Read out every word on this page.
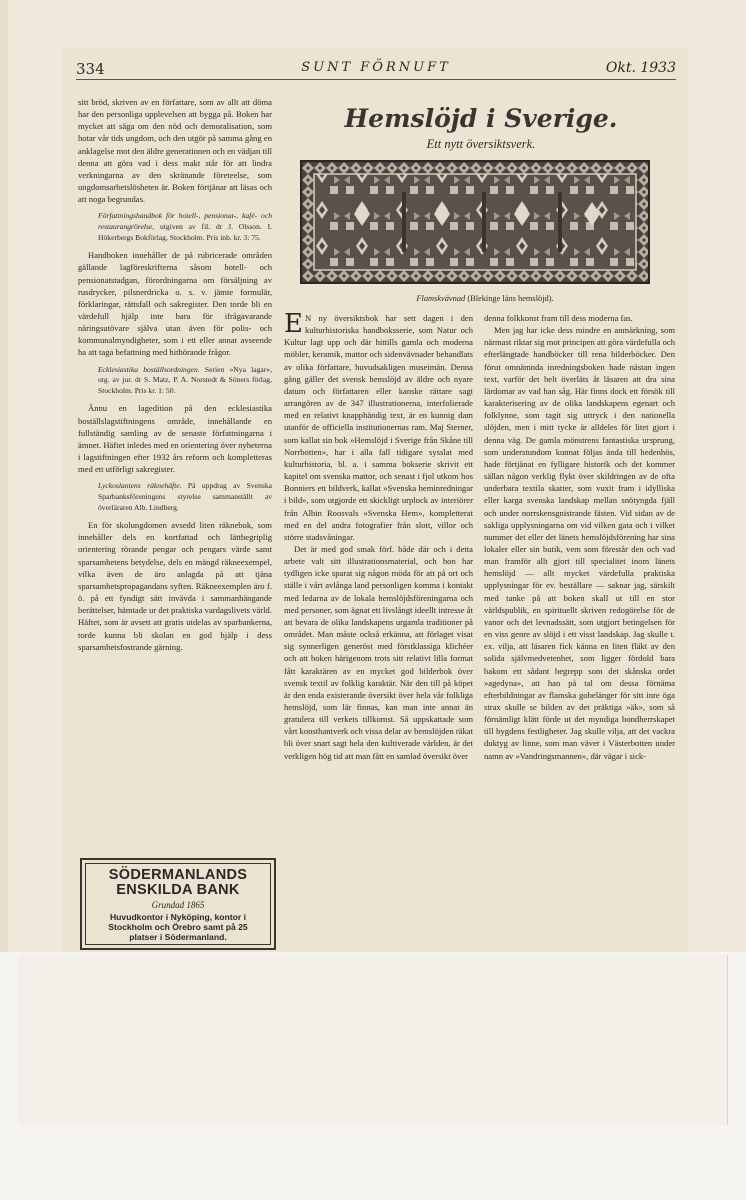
334	SUNT FÖRNUFT	Okt. 1933

sitt bröd, skriven av en författare, som av allt att döma har den personliga upplevelsen att bygga på. Boken har mycket att säga om den nöd och demoralisation, som hotar vår tids ungdom, och den utgör på samma gång en anklagelse mot den äldre generationen och en vädjan till denna att göra vad i dess makt står för att lindra verkningarna av den skränande företeelse, som ungdomsarbetslösheten är. Boken förtjänar att läsas och att noga begrundas.

Författningshandbok för hotell-, pensionat-, kafé- och restaurangrörelse, utgiven av fil. dr J. Olsson. I. Hökerbergs Bokförlag, Stockholm. Pris inb. kr. 3: 75.

Handboken innehåller de på rubricerade områden gällande lagföreskrifterna såsom hotell- och pensionatstadgan, förordningarna om försäljning av rusdrycker, pilsnerdricka o. s. v. jämte formulär, förklaringar, rättsfall och sakregister. Den torde bli en värdefull hjälp inte bara för ifrågavarande näringsutövare själva utan även för polis- och kommunalmyndigheter, som i ett eller annat avseende ha att taga befattning med hithörande frågor.

Ecklesiastika boställsordningen. Serien »Nya lagar», utg. av jur. dr S. Matz, P. A. Norstedt & Söners förlag, Stockholm. Pris kr. 1: 50.

Ännu en lagedition på den ecklesiastika boställslagstiftningens område, innehållande en fullständig samling av de senaste författningarna i ämnet. Häftet inledes med en orientering över nyheterna i lagstiftningen efter 1932 års reform och kompletteras med ett utförligt sakregister.

Lyckoslantens räknehäfte. På uppdrag av Svenska Sparbanksföreningens styrelse sammanställt av överläraren Alb. Lindberg.

En för skolungdomen avsedd liten räknebok, som innehåller dels en kortfattad och lättbegriplig orientering rörande pengar och pengars värde samt sparsamhetens betydelse, dels en mängd räkneexempel, vilka även de äro anlagda på att tjäna sparsamhetspropagandans syften. Räkneexemplen äro f. ö. på ett fyndigt sätt invävda i sammanhängande berättelser, hämtade ur det praktiska vardagslivets värld. Häftet, som är avsett att gratis utdelas av sparbankerna, torde kunna bli skolan en god hjälp i dess sparsamhetsfostrande gärning.

Hemslöjd i Sverige.
Ett nytt översiktsverk.
Flamskvävnad (Blekinge läns hemslöjd).

E N ny översiktsbok har sett dagen i den kulturhistoriska handboksserie, som Natur och Kultur lagt upp och där hittills gamla och moderna möbler, keramik, mattor och sidenvävnader behandlats av olika författare, huvudsakligen museimän. Denna gång gäller det svensk hemslöjd av äldre och nyare datum och författaren eller kanske rättare sagt arrangören av de 347 illustrationerna, interfolierade med en relativt knapphändig text, är en kunnig dam utanför de officiella institutionernas ram. Maj Sterner, som kallat sin bok »Hemslöjd i Sverige från Skåne till Norrbotten», har i alla fall tidigare sysslat med kulturhistoria, bl. a. i samma bokserie skrivit ett kapitel om svenska mattor, och senast i fjol utkom hos Bonniers ett bildverk, kallat »Svenska heminredningar i bild», som utgjorde ett skickligt urplock av interiörer från Albin Roosvals »Svenska Hem», kompletterat med en del andra fotografier från slott, villor och större stadsvåningar.

Det är med god smak förf. både där och i detta arbete valt sitt illustrationsmaterial, och hon har tydligen icke sparat sig någon möda för att på ort och ställe i vårt avlånga land personligen komma i kontakt med ledarna av de lokala hemslöjdsföreningarna och med personer, som ägnat ett livslångt ideellt intresse åt att bevara de olika landskapens urgamla traditioner på området. Man måste också erkänna, att förlaget visat sig synnerligen generöst med förstklassiga klichéer och att boken härigenom trots sitt relativt lilla format fått karaktären av en mycket god bilderbok över svensk textil av folklig karaktär. När den till på köpet är den enda existerande översikt över hela vår folkliga hemslöjd, som lär finnas, kan man inte annat än gratulera till verkets tillkomst. Så uppskattade som vårt konsthantverk och vissa delar av hemslöjden räkat bli över snart sagt hela den kultiverade världen, är det verkligen hög tid att man fått en samlad översikt över

denna folkkonst fram till dess moderna fas.

Men jag har icke dess mindre en anmärkning, som närmast riktar sig mot principen att göra värdefulla och efterlängtade handböcker till rena bilderböcker. Den förut omnämnda inredningsboken hade nästan ingen text, varför det helt överläts åt läsaren att dra sina lärdomar av vad han såg. Här finns dock ett försök till karakterisering av de olika landskapens egenart och folklynne, som tagit sig uttryck i den nationella slöjden, men i mitt tycke är alldeles för litet gjort i denna väg. De gamla mönstrens fantastiska ursprung, som understundom kunnat följas ända till hedenhös, hade förtjänat en fylligare historik och det kommer sällan någon verklig flykt över skildringen av de ofta underbara textila skatter, som vuxit fram i idylliska eller karga svenska landskap mellan snötyngda fjäll och under norrskensgnistrande fästen. Vid sidan av de sakliga upplysningarna om vid vilken gata och i vilket nummer det eller det länets hemslöjdsförening har sina lokaler eller sin butik, vem som förestår den och vad man framför allt gjort till specialitet inom länets hemslöjd — allt mycket värdefulla praktiska upplysningar för ev. beställare — saknar jag, särskilt med tanke på att boken skall ut till en stor världspublik, en spirituellt skriven redogörelse för de vanor och det levnadssätt, som utgjort betingelsen för en viss genre av slöjd i ett visst landskap. Jag skulle t. ex. vilja, att läsaren fick känna en liten fläkt av den solida självmedvetenhet, som ligger fördold bara bakom ett sådant begrepp som det skånska ordet »agedyna», att han på tal om dessa förnäma efterbildningar av flamska gobelänger för sitt inre öga strax skulle se bilden av det präktiga »äk», som så förnämligt klätt förde ut det myndiga bondherrskapet till bygdens festligheter. Jag skulle vilja, att det vackra duktyg av linne, som man väver i Västerbotten under namn av »Vandringsmannen», där vägar i sick-

SÖDERMANLANDS
ENSKILDA BANK
Grundad 1865
Huvudkontor i Nyköping, kontor i
Stockholm och Örebro samt på 25
platser i Södermanland.
